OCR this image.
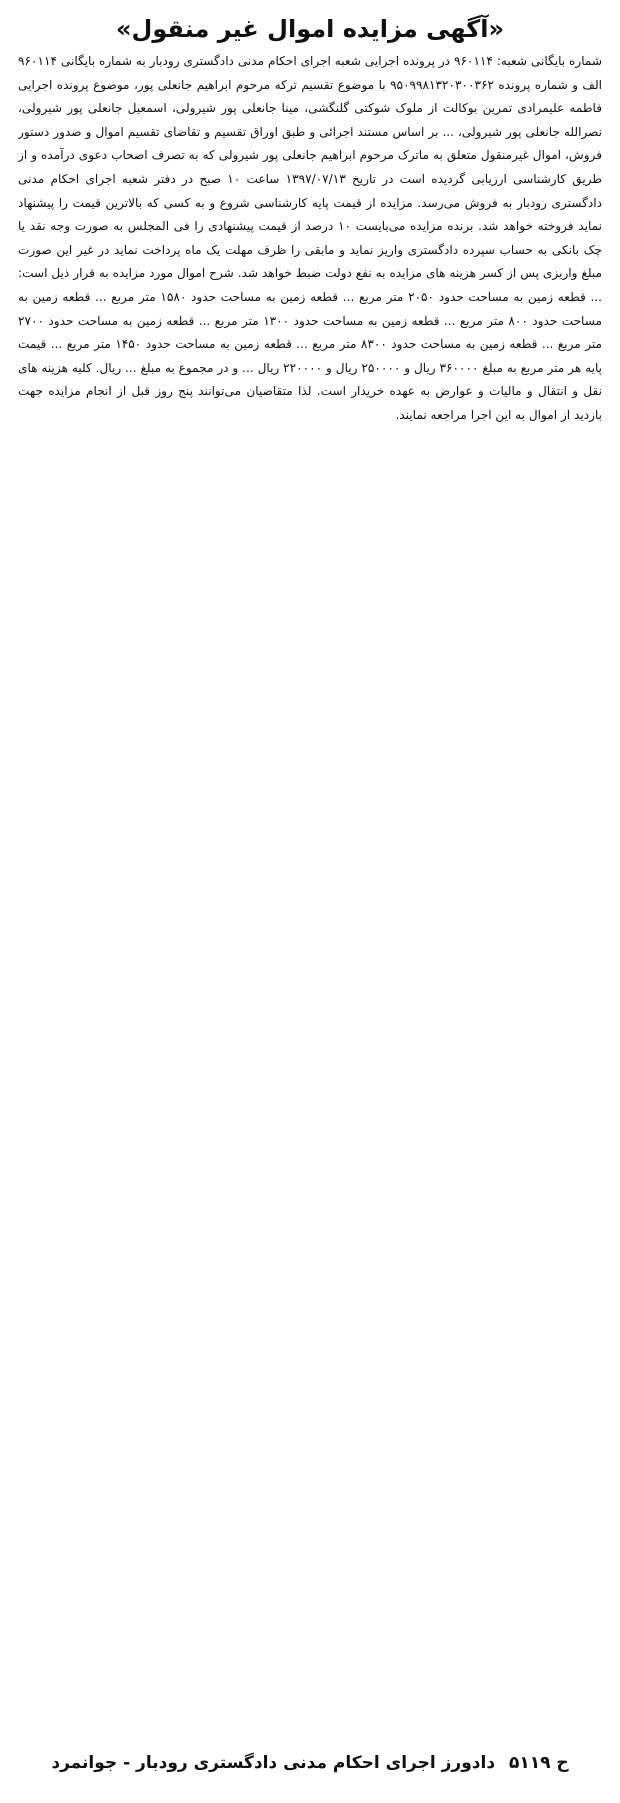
«آگهی مزایده اموال غیر منقول»
شماره بایگانی شعبه: ۹۶۰۱۱۴ در پرونده اجرایی شعبه اجرای احکام مدنی دادگستری رودبار به شماره بایگانی ۹۶۰۱۱۴ الف و شماره پرونده ۹۵۰۹۹۸۱۳۲۰۳۰۰۳۶۲ با موضوع تقسیم ترکه مرحوم ابراهیم جانعلی پور، موضوع پرونده اجرایی فاطمه علیمرادی تمرین بوکالت از ملوک شوکتی گلنگشی، مینا جانعلی پور شیرولی، اسمعیل جانعلی پور شیرولی، نصرالله جانعلی پور شیرولی، ... بر اساس مستند اجرائی و طبق اوراق تقسیم و تقاضای تقسیم اموال و صدور دستور فروش، اموال غیرمنقول متعلق به ماترک مرحوم ابراهیم جانعلی پور شیرولی که به تصرف اصحاب دعوی درآمده و از طریق کارشناسی ارزیابی گردیده است در تاریخ ۱۳۹۷/۰۷/۱۳ ساعت ۱۰ صبح در دفتر شعبه اجرای احکام مدنی دادگستری رودبار به فروش می‌رسد. مزایده از قیمت پایه کارشناسی شروع و به کسی که بالاترین قیمت را پیشنهاد نماید فروخته خواهد شد. برنده مزایده می‌بایست ۱۰ درصد از قیمت پیشنهادی را فی المجلس به صورت وجه نقد یا چک بانکی به حساب سپرده دادگستری واریز نماید و مابقی را ظرف مهلت یک ماه پرداخت نماید در غیر این صورت مبلغ واریزی پس از کسر هزینه های مزایده به نفع دولت ضبط خواهد شد. شرح اموال مورد مزایده به قرار ذیل است: ... قطعه زمین به مساحت حدود ۲۰۵۰ متر مربع ... قطعه زمین به مساحت حدود ۱۵۸۰ متر مربع ... قطعه زمین به مساحت حدود ۸۰۰ متر مربع ... قطعه زمین به مساحت حدود ۱۳۰۰ متر مربع ... قطعه زمین به مساحت حدود ۲۷۰۰ متر مربع ... قطعه زمین به مساحت حدود ۸۳۰۰ متر مربع ... قطعه زمین به مساحت حدود ۱۴۵۰ متر مربع ... قیمت پایه هر متر مربع به مبلغ ۳۶۰۰۰۰ ریال و ۲۵۰۰۰۰ ریال و ۲۲۰۰۰۰ ریال ... و در مجموع به مبلغ ... ریال. کلیه هزینه های نقل و انتقال و مالیات و عوارض به عهده خریدار است. لذا متقاضیان می‌توانند پنج روز قبل از انجام مزایده جهت بازدید از اموال به این اجرا مراجعه نمایند.
ح ۵۱۱۹ دادورز اجرای احکام مدنی دادگستری رودبار - جوانمرد
